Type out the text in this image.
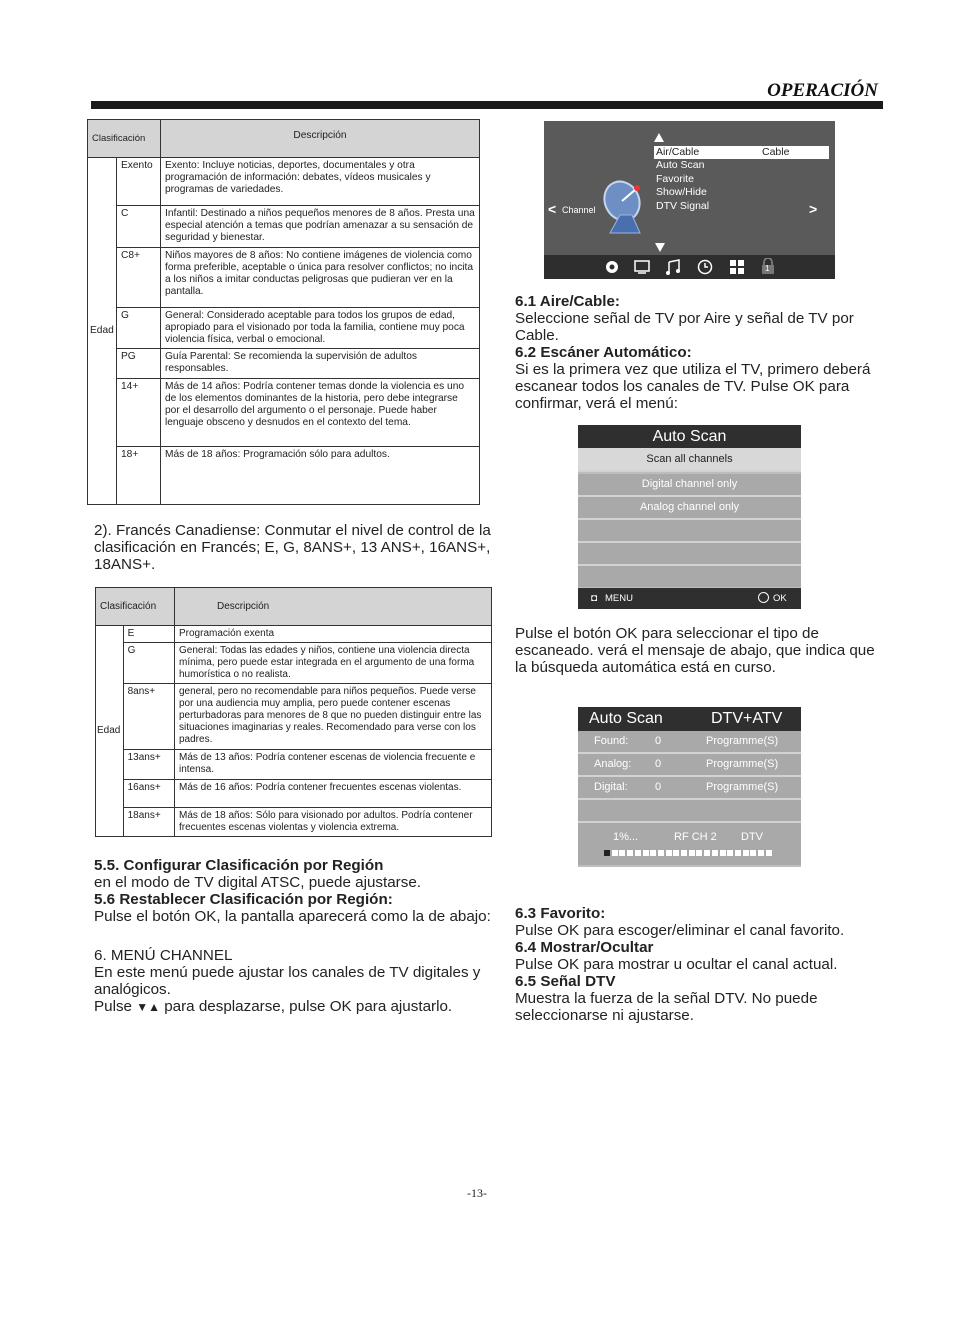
OPERACIÓN
Clasificación		Descripción
Edad	Exento	Exento: Incluye noticias, deportes, documentales y otra programación de información: debates, vídeos musicales y programas de variedades.
	C	Infantil: Destinado a niños pequeños menores de 8 años. Presta una especial atención a temas que podrían amenazar a su sensación de seguridad y bienestar.
	C8+	Niños mayores de 8 años: No contiene imágenes de violencia como forma preferible, aceptable o única para resolver conflictos; no incita a los niños a imitar conductas peligrosas que pudieran ver en la pantalla.
	G	General: Considerado aceptable para todos los grupos de edad, apropiado para el visionado por toda la familia, contiene muy poca violencia física, verbal o emocional.
	PG	Guía Parental: Se recomienda la supervisión de adultos responsables.
	14+	Más de 14 años: Podría contener temas donde la violencia es uno de los elementos dominantes de la historia, pero debe integrarse por el desarrollo del argumento o el personaje. Puede haber lenguaje obsceno y desnudos en el contexto del tema.
	18+	Más de 18 años: Programación sólo para adultos.
2). Francés Canadiense: Conmutar el nivel de control de la clasificación en Francés; E, G, 8ANS+, 13 ANS+, 16ANS+, 18ANS+.
Clasificación		Descripción
Edad	E	Programación exenta
	G	General: Todas las edades y niños, contiene una violencia directa mínima, pero puede estar integrada en el argumento de una forma humorística o no realista.
	8ans+	general, pero no recomendable para niños pequeños. Puede verse por una audiencia muy amplia, pero puede contener escenas perturbadoras para menores de 8 que no pueden distinguir entre las situaciones imaginarias y reales. Recomendado para verse con los padres.
	13ans+	Más de 13 años: Podría contener escenas de violencia frecuente e intensa.
	16ans+	Más de 16 años: Podría contener frecuentes escenas violentas.
	18ans+	Más de 18 años: Sólo para visionado por adultos. Podría contener frecuentes escenas violentas y violencia extrema.

5.5. Configurar Clasificación por Región

en el modo de TV digital ATSC, puede ajustarse.

5.6 Restablecer Clasificación por Región:

Pulse el botón OK, la pantalla aparecerá como la de abajo:

6. MENÚ CHANNEL

En este menú puede ajustar los canales de TV digitales y analógicos.

Pulse ▼▲ para desplazarse, pulse OK para ajustarlo.

< Channel
Air/Cable	Cable
Auto Scan
Favorite
Show/Hide
DTV Signal	>
1

6.1 Aire/Cable:

Seleccione señal de TV por Aire y señal de TV por Cable.

6.2 Escáner Automático:

Si es la primera vez que utiliza el TV, primero deberá escanear todos los canales de TV. Pulse OK para confirmar, verá el menú:

Auto Scan
Scan all channels
Digital channel only
Analog channel only
◘ MENU	OK
Pulse el botón OK para seleccionar el tipo de escaneado. verá el mensaje de abajo, que indica que la búsqueda automática está en curso.
Auto Scan	DTV+ATV
Found: 0	Programme(S)
Analog: 0	Programme(S)
Digital: 0	Programme(S)
1%...	RF CH 2 DTV

6.3 Favorito:

Pulse OK para escoger/eliminar el canal favorito.

6.4 Mostrar/Ocultar

Pulse OK para mostrar u ocultar el canal actual.

6.5 Señal DTV

Muestra la fuerza de la señal DTV. No puede seleccionarse ni ajustarse.

-13-
